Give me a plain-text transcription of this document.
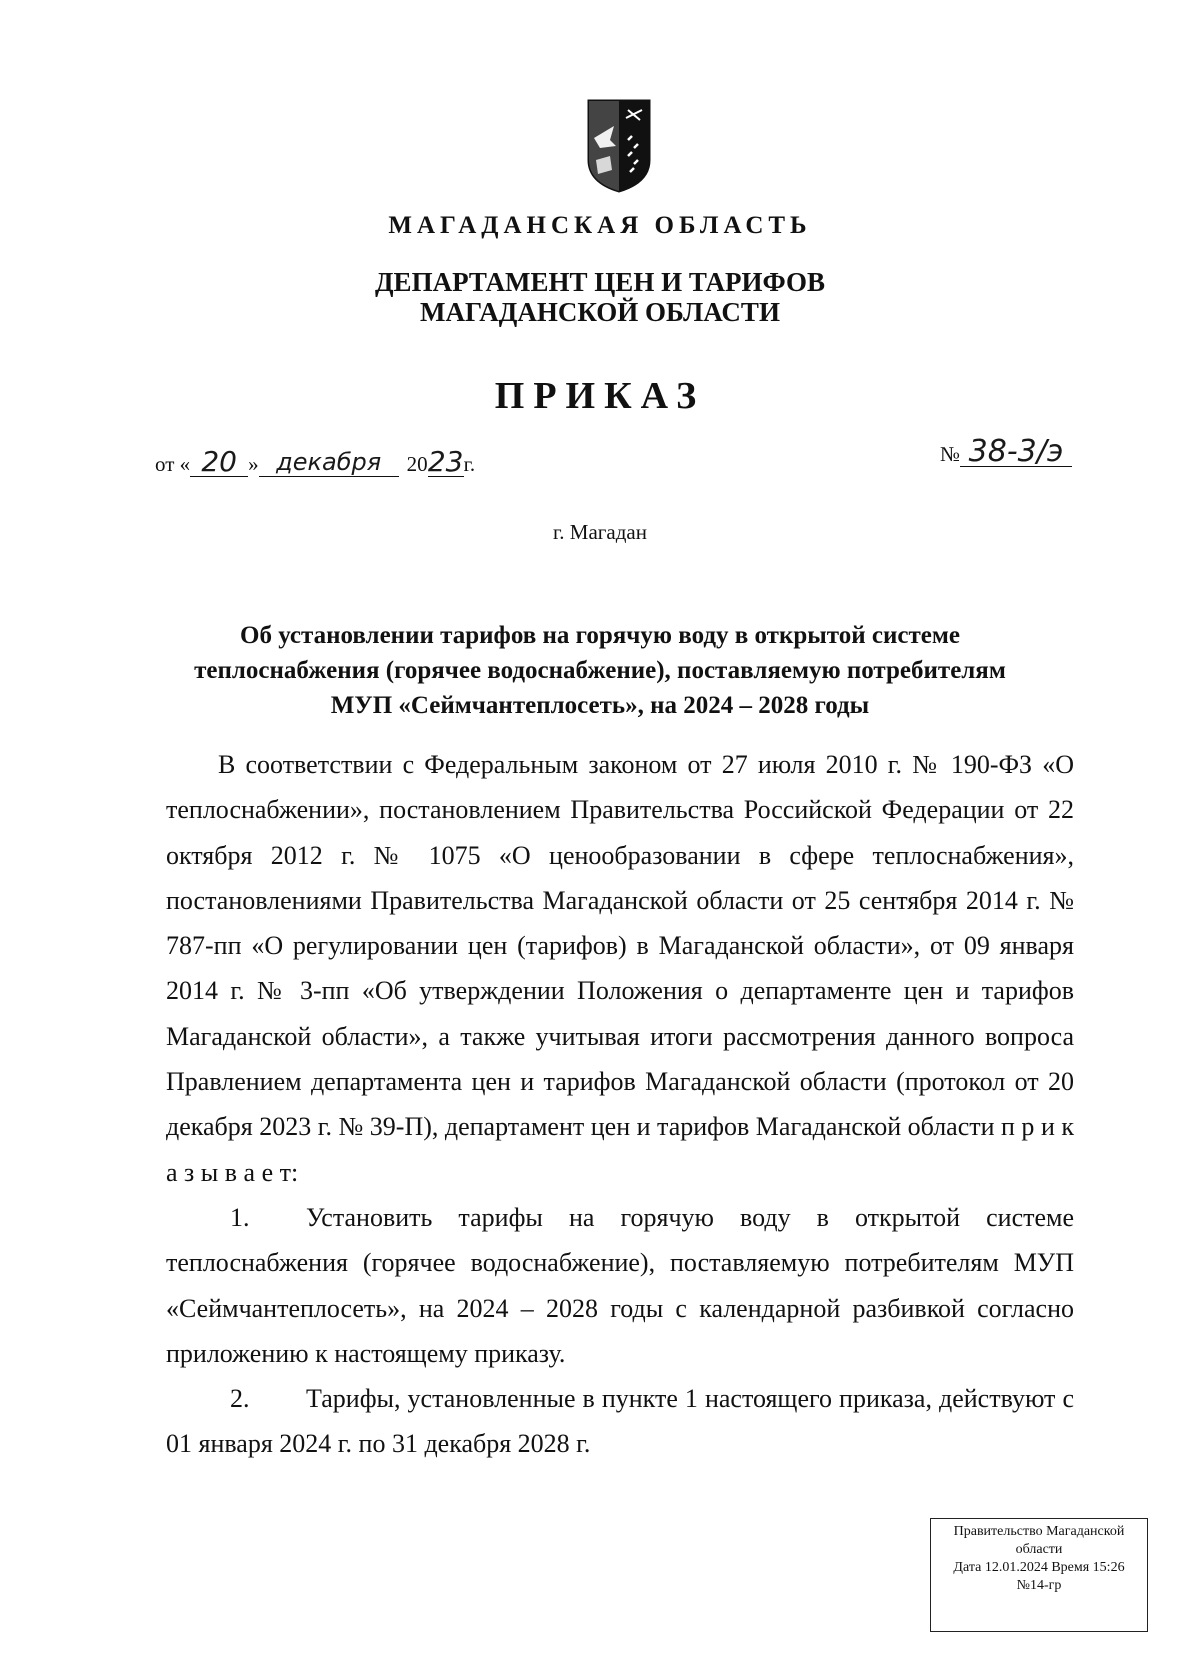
МАГАДАНСКАЯ ОБЛАСТЬ
ДЕПАРТАМЕНТ ЦЕН И ТАРИФОВ
МАГАДАНСКОЙ ОБЛАСТИ
ПРИКАЗ
от « 20 » декабря	20 23 г.	№ 38-3/э
г. Магадан
Об установлении тарифов на горячую воду в открытой системе
теплоснабжения (горячее водоснабжение), поставляемую потребителям
МУП «Сеймчантеплосеть», на 2024 – 2028 годы

В соответствии с Федеральным законом от 27 июля 2010 г. № 190-ФЗ «О теплоснабжении», постановлением Правительства Российской Федерации от 22 октября 2012 г. № 1075 «О ценообразовании в сфере теплоснабжения», постановлениями Правительства Магаданской области от 25 сентября 2014 г. № 787-пп «О регулировании цен (тарифов) в Магаданской области», от 09 января 2014 г. № 3-пп «Об утверждении Положения о департаменте цен и тарифов Магаданской области», а также учитывая итоги рассмотрения данного вопроса Правлением департамента цен и тарифов Магаданской области (протокол от 20 декабря 2023 г. № 39-П), департамент цен и тарифов Магаданской области п р и к а з ы в а е т:

1. Установить тарифы на горячую воду в открытой системе теплоснабжения (горячее водоснабжение), поставляемую потребителям МУП «Сеймчантеплосеть», на 2024 – 2028 годы с календарной разбивкой согласно приложению к настоящему приказу.

2. Тарифы, установленные в пункте 1 настоящего приказа, действуют с 01 января 2024 г. по 31 декабря 2028 г.

Правительство Магаданской
области
Дата 12.01.2024 Время 15:26
№14-гр
